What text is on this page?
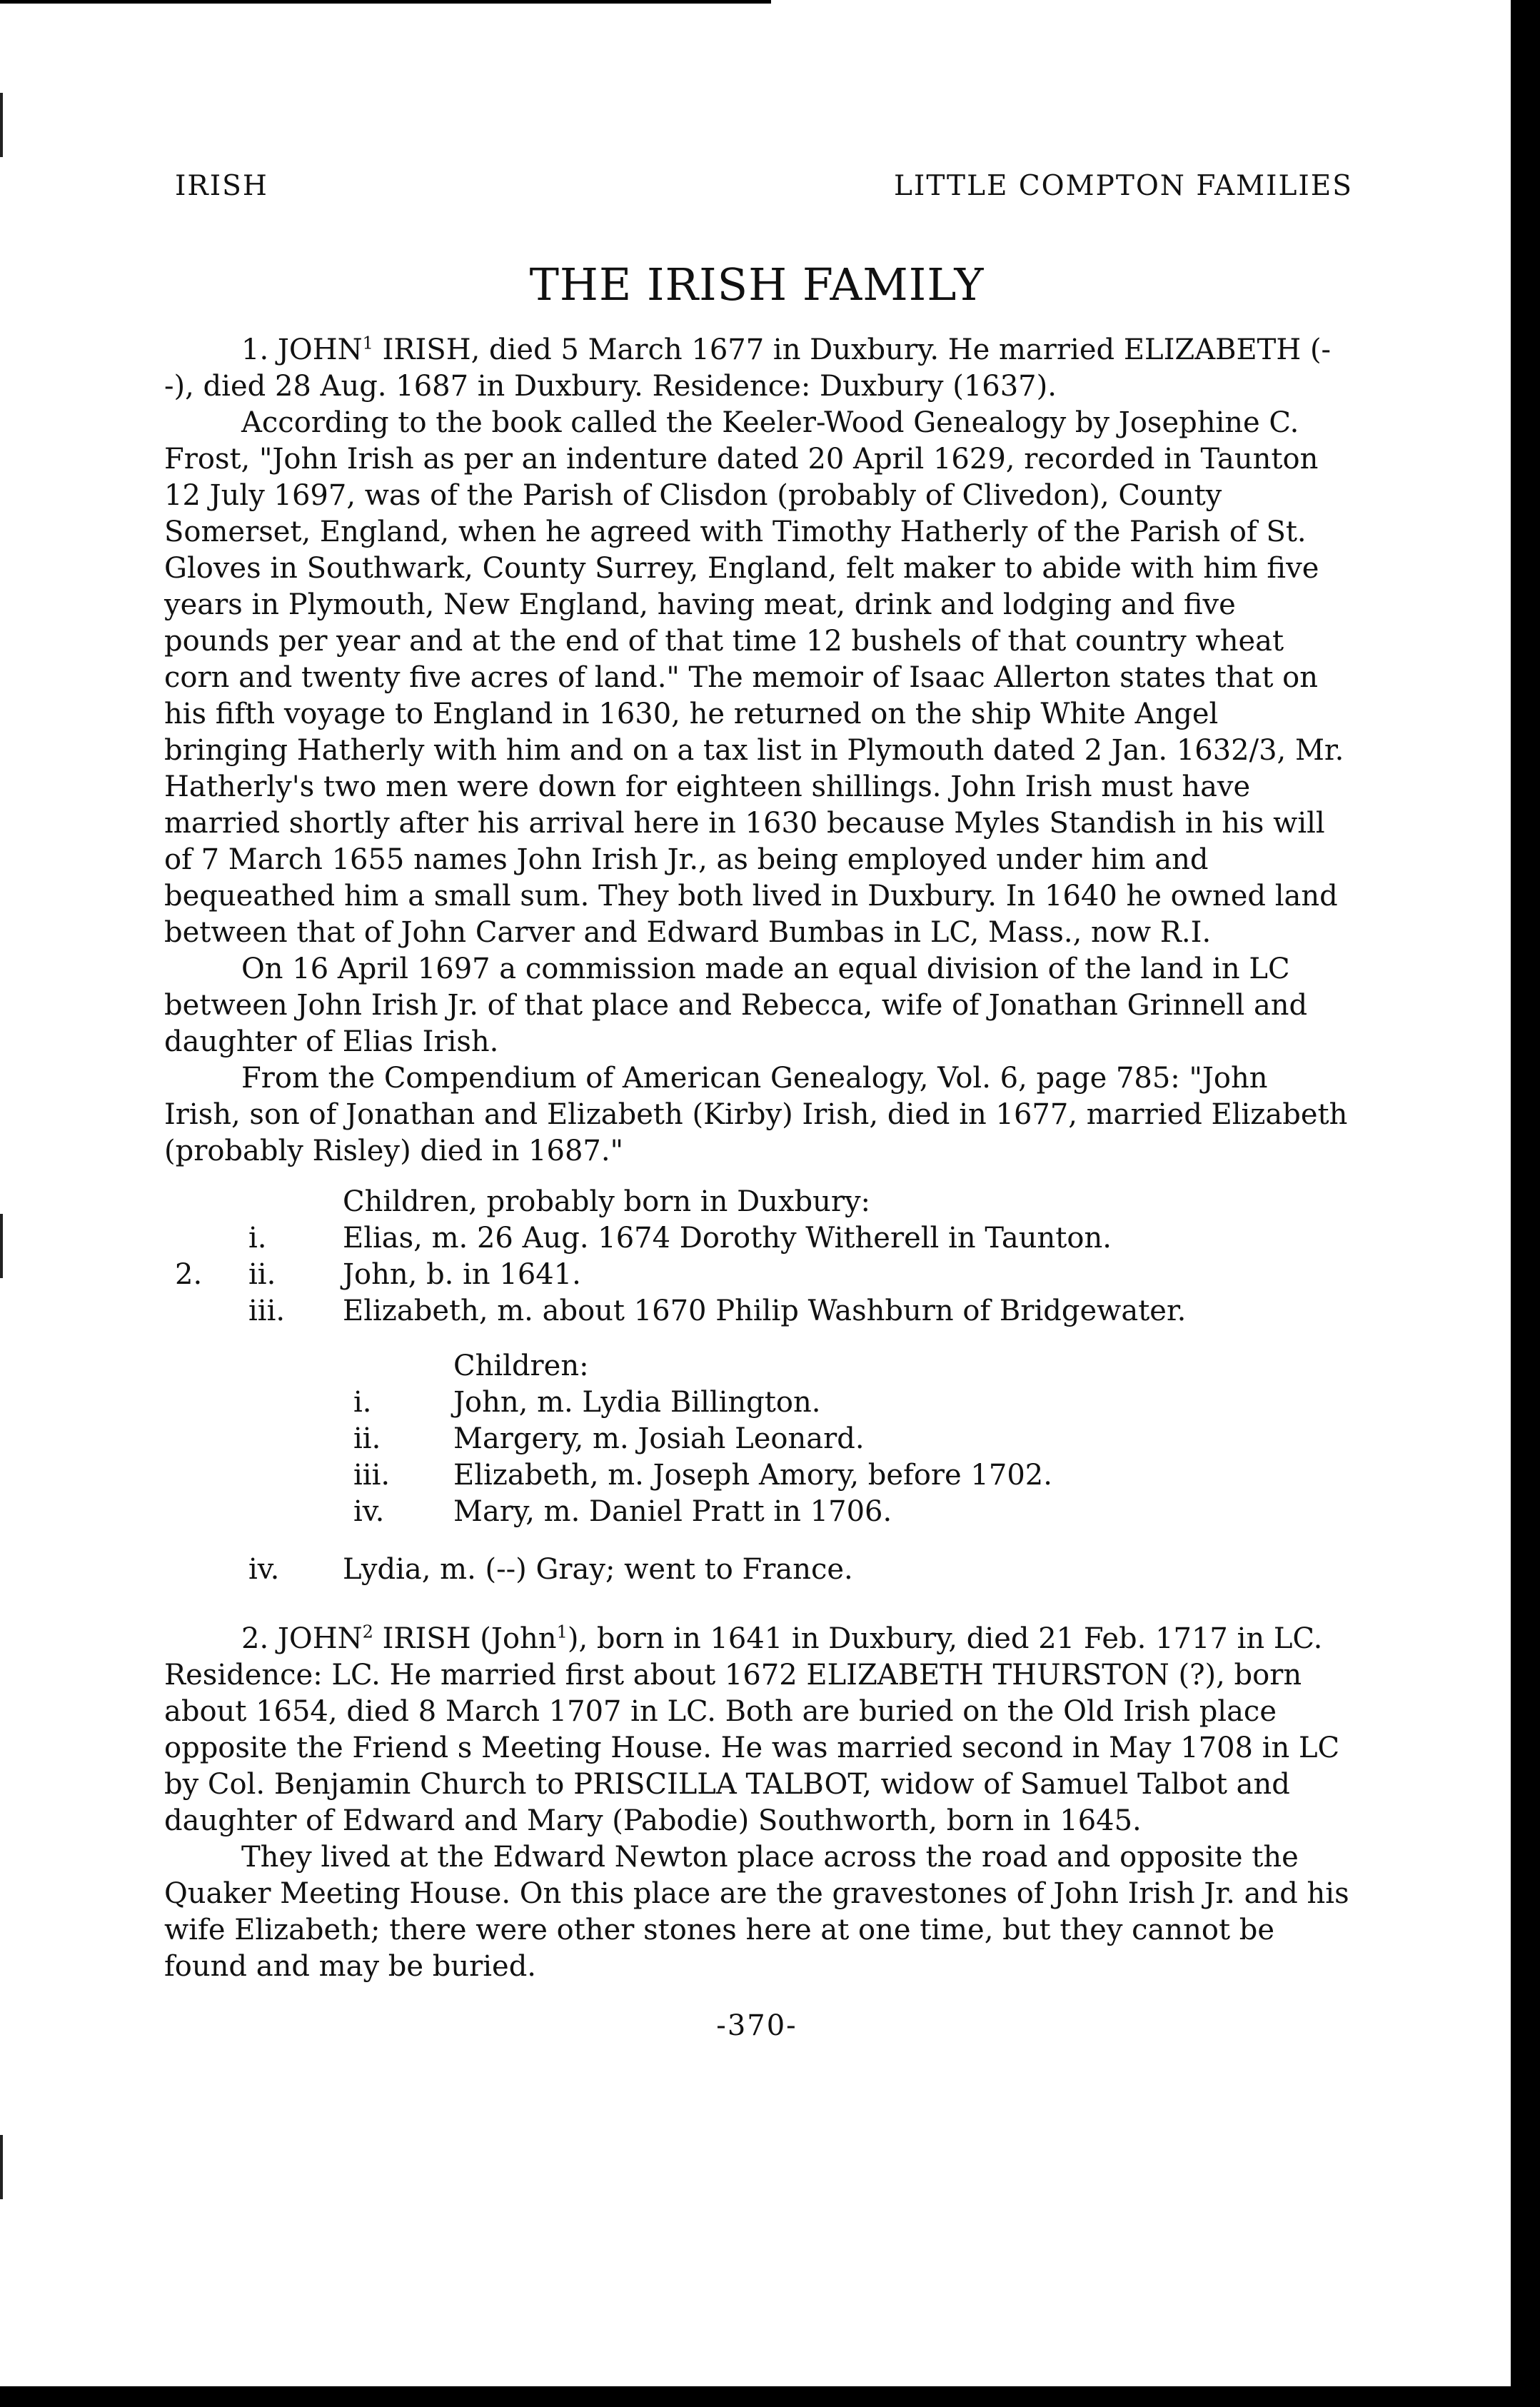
IRISH	LITTLE COMPTON FAMILIES
THE IRISH FAMILY

1. JOHN$^1$ IRISH, died 5 March 1677 in Duxbury. He married ELIZABETH (--), died 28 Aug. 1687 in Duxbury. Residence: Duxbury (1637).

According to the book called the Keeler-Wood Genealogy by Josephine C. Frost, "John Irish as per an indenture dated 20 April 1629, recorded in Taunton 12 July 1697, was of the Parish of Clisdon (probably of Clivedon), County Somerset, England, when he agreed with Timothy Hatherly of the Parish of St. Gloves in Southwark, County Surrey, England, felt maker to abide with him five years in Plymouth, New England, having meat, drink and lodging and five pounds per year and at the end of that time 12 bushels of that country wheat corn and twenty five acres of land." The memoir of Isaac Allerton states that on his fifth voyage to England in 1630, he returned on the ship White Angel bringing Hatherly with him and on a tax list in Plymouth dated 2 Jan. 1632/3, Mr. Hatherly's two men were down for eighteen shillings. John Irish must have married shortly after his arrival here in 1630 because Myles Standish in his will of 7 March 1655 names John Irish Jr., as being employed under him and bequeathed him a small sum. They both lived in Duxbury. In 1640 he owned land between that of John Carver and Edward Bumbas in LC, Mass., now R.I.

On 16 April 1697 a commission made an equal division of the land in LC between John Irish Jr. of that place and Rebecca, wife of Jonathan Grinnell and daughter of Elias Irish.

From the Compendium of American Genealogy, Vol. 6, page 785: "John Irish, son of Jonathan and Elizabeth (Kirby) Irish, died in 1677, married Elizabeth (probably Risley) died in 1687."

Children, probably born in Duxbury:
i.	Elias, m. 26 Aug. 1674 Dorothy Witherell in Taunton.
2. ii. John, b. in 1641.
iii. Elizabeth, m. about 1670 Philip Washburn of Bridgewater.
Children:
i.	John, m. Lydia Billington.
ii.	Margery, m. Josiah Leonard.
iii. Elizabeth, m. Joseph Amory, before 1702.
iv. Mary, m. Daniel Pratt in 1706.
iv. Lydia, m. (--) Gray; went to France.

2. JOHN$^2$ IRISH (John$^1$), born in 1641 in Duxbury, died 21 Feb. 1717 in LC. Residence: LC. He married first about 1672 ELIZABETH THURSTON (?), born about 1654, died 8 March 1707 in LC. Both are buried on the Old Irish place opposite the Friend s Meeting House. He was married second in May 1708 in LC by Col. Benjamin Church to PRISCILLA TALBOT, widow of Samuel Talbot and daughter of Edward and Mary (Pabodie) Southworth, born in 1645.

They lived at the Edward Newton place across the road and opposite the Quaker Meeting House. On this place are the gravestones of John Irish Jr. and his wife Elizabeth; there were other stones here at one time, but they cannot be found and may be buried.

-370-
